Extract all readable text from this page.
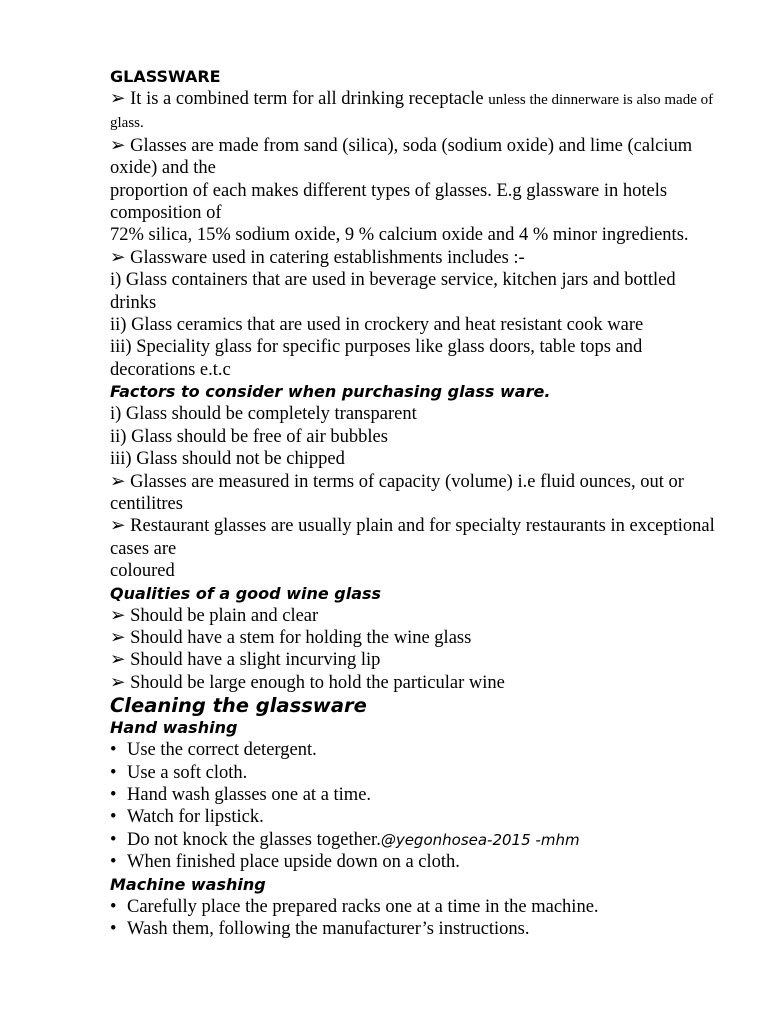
GLASSWARE

➢ It is a combined term for all drinking receptacle unless the dinnerware is also made of glass.

➢ Glasses are made from sand (silica), soda (sodium oxide) and lime (calcium oxide) and the

proportion of each makes different types of glasses. E.g glassware in hotels composition of

72% silica, 15% sodium oxide, 9 % calcium oxide and 4 % minor ingredients.

➢ Glassware used in catering establishments includes :-

i) Glass containers that are used in beverage service, kitchen jars and bottled drinks

ii) Glass ceramics that are used in crockery and heat resistant cook ware

iii) Speciality glass for specific purposes like glass doors, table tops and decorations e.t.c

Factors to consider when purchasing glass ware.

i) Glass should be completely transparent

ii) Glass should be free of air bubbles

iii) Glass should not be chipped

➢ Glasses are measured in terms of capacity (volume) i.e fluid ounces, out or centilitres

➢ Restaurant glasses are usually plain and for specialty restaurants in exceptional cases are

coloured

Qualities of a good wine glass

➢ Should be plain and clear

➢ Should have a stem for holding the wine glass

➢ Should have a slight incurving lip

➢ Should be large enough to hold the particular wine

Cleaning the glassware

Hand washing

• Use the correct detergent.
• Use a soft cloth.
• Hand wash glasses one at a time.
• Watch for lipstick.
• Do not knock the glasses together.@yegonhosea-2015 -mhm
• When finished place upside down on a cloth.

Machine washing

• Carefully place the prepared racks one at a time in the machine.
• Wash them, following the manufacturer’s instructions.
